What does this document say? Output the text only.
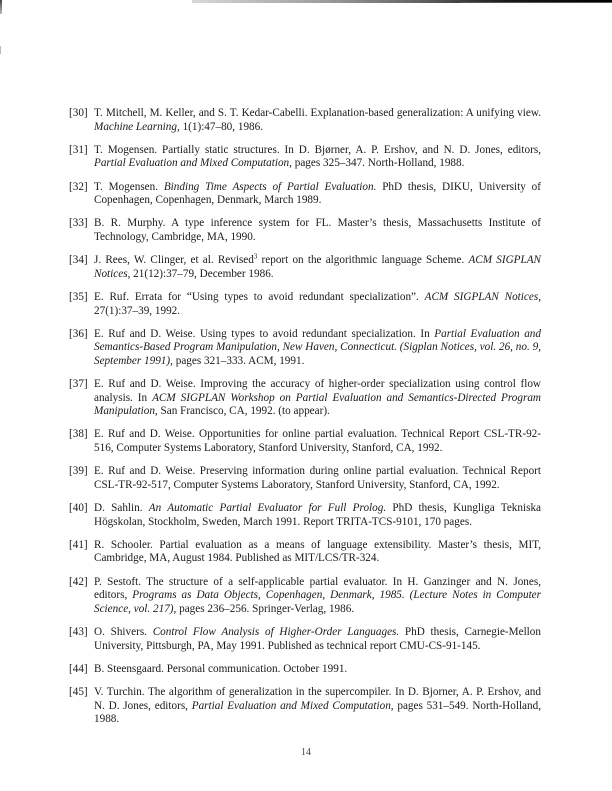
[30] T. Mitchell, M. Keller, and S. T. Kedar-Cabelli. Explanation-based generalization: A unifying view. Machine Learning, 1(1):47–80, 1986.
[31] T. Mogensen. Partially static structures. In D. Bjørner, A. P. Ershov, and N. D. Jones, editors, Partial Evaluation and Mixed Computation, pages 325–347. North-Holland, 1988.
[32] T. Mogensen. Binding Time Aspects of Partial Evaluation. PhD thesis, DIKU, University of Copenhagen, Copenhagen, Denmark, March 1989.
[33] B. R. Murphy. A type inference system for FL. Master’s thesis, Massachusetts Institute of Technology, Cambridge, MA, 1990.
[34] J. Rees, W. Clinger, et al. Revised$^3$ report on the algorithmic language Scheme. ACM SIGPLAN Notices, 21(12):37–79, December 1986.
[35] E. Ruf. Errata for “Using types to avoid redundant specialization”. ACM SIGPLAN Notices, 27(1):37–39, 1992.
[36] E. Ruf and D. Weise. Using types to avoid redundant specialization. In Partial Evaluation and Semantics-Based Program Manipulation, New Haven, Connecticut. (Sigplan Notices, vol. 26, no. 9, September 1991), pages 321–333. ACM, 1991.
[37] E. Ruf and D. Weise. Improving the accuracy of higher-order specialization using control flow analysis. In ACM SIGPLAN Workshop on Partial Evaluation and Semantics-Directed Program Manipulation, San Francisco, CA, 1992. (to appear).
[38] E. Ruf and D. Weise. Opportunities for online partial evaluation. Technical Report CSL-TR-92-516, Computer Systems Laboratory, Stanford University, Stanford, CA, 1992.
[39] E. Ruf and D. Weise. Preserving information during online partial evaluation. Technical Report CSL-TR-92-517, Computer Systems Laboratory, Stanford University, Stanford, CA, 1992.
[40] D. Sahlin. An Automatic Partial Evaluator for Full Prolog. PhD thesis, Kungliga Tekniska Högskolan, Stockholm, Sweden, March 1991. Report TRITA-TCS-9101, 170 pages.
[41] R. Schooler. Partial evaluation as a means of language extensibility. Master’s thesis, MIT, Cambridge, MA, August 1984. Published as MIT/LCS/TR-324.
[42] P. Sestoft. The structure of a self-applicable partial evaluator. In H. Ganzinger and N. Jones, editors, Programs as Data Objects, Copenhagen, Denmark, 1985. (Lecture Notes in Computer Science, vol. 217), pages 236–256. Springer-Verlag, 1986.
[43] O. Shivers. Control Flow Analysis of Higher-Order Languages. PhD thesis, Carnegie-Mellon University, Pittsburgh, PA, May 1991. Published as technical report CMU-CS-91-145.
[44] B. Steensgaard. Personal communication. October 1991.
[45] V. Turchin. The algorithm of generalization in the supercompiler. In D. Bjorner, A. P. Ershov, and N. D. Jones, editors, Partial Evaluation and Mixed Computation, pages 531–549. North-Holland, 1988.
14
